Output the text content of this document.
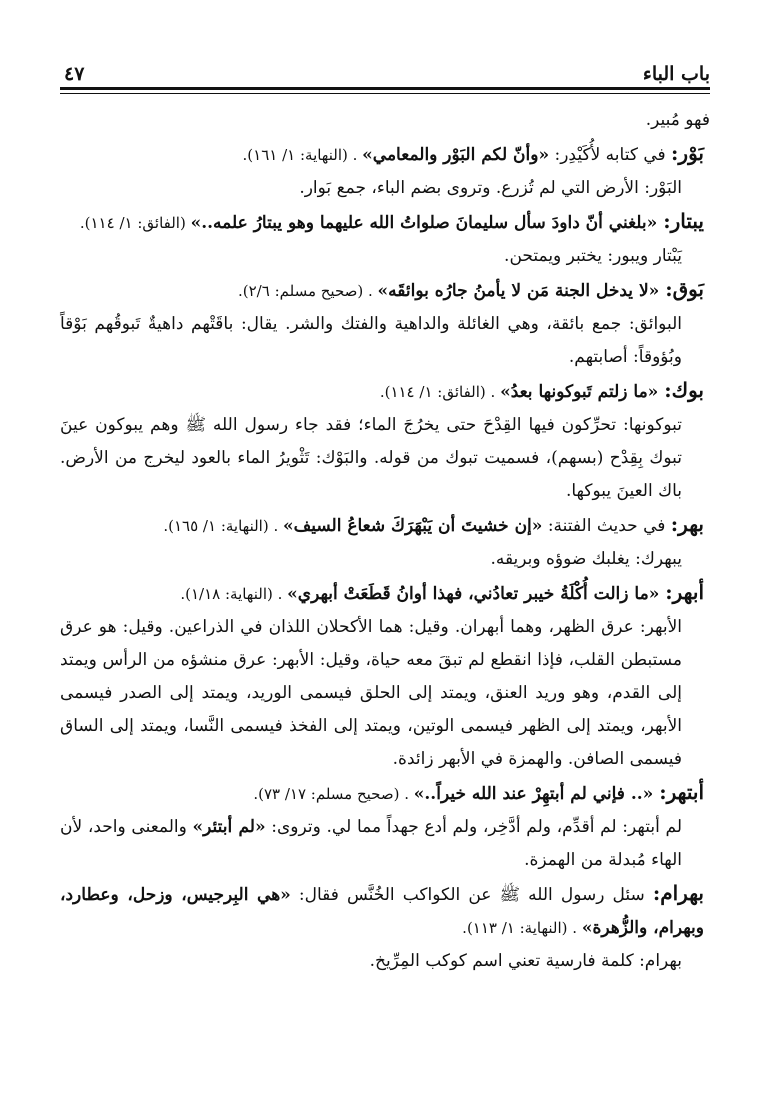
باب الباء
٤٧

فهو مُبير.

بَوْر: في كتابه لأُكَيْدِر: «وأنّ لكم البَوْر والمعامي» . (النهاية: ١/ ١٦١).

البَوْر: الأرض التي لم تُزرع. وتروى بضم الباء، جمع بَوار.

يبتار: «بلغني أنّ داودَ سأل سليمانَ صلواتُ الله عليهما وهو يبتارُ علمه..» (الفائق: ١/ ١١٤).

يَبْتار ويبور: يختبر ويمتحن.

بَوق: «لا يدخل الجنة مَن لا يأمنُ جارُه بوائقَه» . (صحيح مسلم: ٢/٦).

البوائق: جمع بائقة، وهي الغائلة والداهية والفتك والشر. يقال: باقَتْهم داهيةٌ تَبوقُهم بَوْقاً وبُؤوقاً: أصابتهم.

بوك: «ما زلتم تَبوكونها بعدُ» . (الفائق: ١/ ١١٤).

تبوكونها: تحرِّكون فيها القِدْحَ حتى يخرُجَ الماء؛ فقد جاء رسول الله ﷺ وهم يبوكون عينَ تبوك بِقِدْح (بسهم)، فسميت تبوك من قوله. والبَوْك: تَثْويرُ الماء بالعود ليخرج من الأرض. باك العينَ يبوكها.

بهر: في حديث الفتنة: «إن خشيتَ أن يَبْهَرَكَ شعاعُ السيف» . (النهاية: ١/ ١٦٥).

يبهرك: يغلبك ضوؤه وبريقه.

أبهر: «ما زالت أُكْلَةُ خيبر تعادُني، فهذا أوانُ قَطَعَتْ أبهري» . (النهاية: ١/١٨).

الأبهر: عرق الظهر، وهما أبهران. وقيل: هما الأكحلان اللذان في الذراعين. وقيل: هو عرق مستبطن القلب، فإذا انقطع لم تبقَ معه حياة، وقيل: الأبهر: عرق منشؤه من الرأس ويمتد إلى القدم، وهو وريد العنق، ويمتد إلى الحلق فيسمى الوريد، ويمتد إلى الصدر فيسمى الأبهر، ويمتد إلى الظهر فيسمى الوتين، ويمتد إلى الفخذ فيسمى النَّسا، ويمتد إلى الساق فيسمى الصافن. والهمزة في الأبهر زائدة.

أبتهر: «.. فإني لم أبتهِرْ عند الله خيراً..» . (صحيح مسلم: ١٧/ ٧٣).

لم أبتهر: لم أقدِّم، ولم أدَّخِر، ولم أدع جهداً مما لي. وتروى: «لم أبتئر» والمعنى واحد، لأن الهاء مُبدلة من الهمزة.

بهرام: سئل رسول الله ﷺ عن الكواكب الخُنَّس فقال: «هي البِرجيس، وزحل، وعطارد، وبهرام، والزُّهرة» . (النهاية: ١/ ١١٣).

بهرام: كلمة فارسية تعني اسم كوكب المِرِّيخ.
